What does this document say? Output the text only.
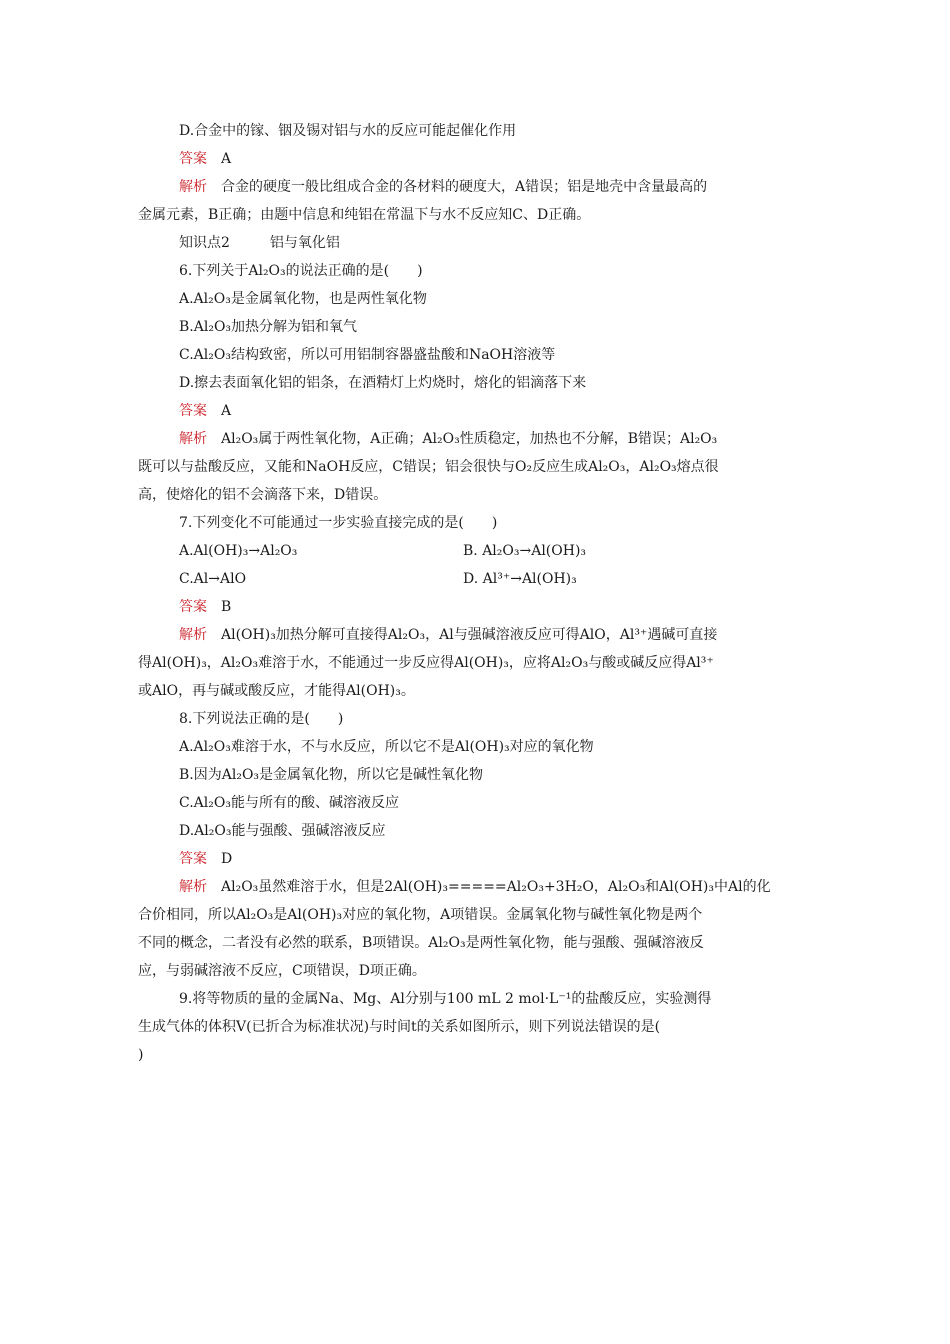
D.合金中的镓、铟及锡对铝与水的反应可能起催化作用
答案 A
解析 合金的硬度一般比组成合金的各材料的硬度大，A错误；铝是地壳中含量最高的
金属元素，B正确；由题中信息和纯铝在常温下与水不反应知C、D正确。
知识点2	铝与氧化铝
6.下列关于Al₂O₃的说法正确的是(　　)
A.Al₂O₃是金属氧化物，也是两性氧化物
B.Al₂O₃加热分解为铝和氧气
C.Al₂O₃结构致密，所以可用铝制容器盛盐酸和NaOH溶液等
D.擦去表面氧化铝的铝条，在酒精灯上灼烧时，熔化的铝滴落下来
答案 A
解析 Al₂O₃属于两性氧化物，A正确；Al₂O₃性质稳定，加热也不分解，B错误；Al₂O₃
既可以与盐酸反应，又能和NaOH反应，C错误；铝会很快与O₂反应生成Al₂O₃，Al₂O₃熔点很
高，使熔化的铝不会滴落下来，D错误。
7.下列变化不可能通过一步实验直接完成的是(　　)
A.Al(OH)₃→Al₂O₃	B. Al₂O₃→Al(OH)₃
C.Al→AlO	D. Al³⁺→Al(OH)₃
答案 B
解析 Al(OH)₃加热分解可直接得Al₂O₃，Al与强碱溶液反应可得AlO，Al³⁺遇碱可直接
得Al(OH)₃，Al₂O₃难溶于水，不能通过一步反应得Al(OH)₃，应将Al₂O₃与酸或碱反应得Al³⁺
或AlO，再与碱或酸反应，才能得Al(OH)₃。
8.下列说法正确的是(　　)
A.Al₂O₃难溶于水，不与水反应，所以它不是Al(OH)₃对应的氧化物
B.因为Al₂O₃是金属氧化物，所以它是碱性氧化物
C.Al₂O₃能与所有的酸、碱溶液反应
D.Al₂O₃能与强酸、强碱溶液反应
答案 D
解析 Al₂O₃虽然难溶于水，但是2Al(OH)₃=====Al₂O₃+3H₂O，Al₂O₃和Al(OH)₃中Al的化
合价相同，所以Al₂O₃是Al(OH)₃对应的氧化物，A项错误。金属氧化物与碱性氧化物是两个
不同的概念，二者没有必然的联系，B项错误。Al₂O₃是两性氧化物，能与强酸、强碱溶液反
应，与弱碱溶液不反应，C项错误，D项正确。
9.将等物质的量的金属Na、Mg、Al分别与100 mL 2 mol·L⁻¹的盐酸反应，实验测得
生成气体的体积V(已折合为标准状况)与时间t的关系如图所示，则下列说法错误的是(
)
